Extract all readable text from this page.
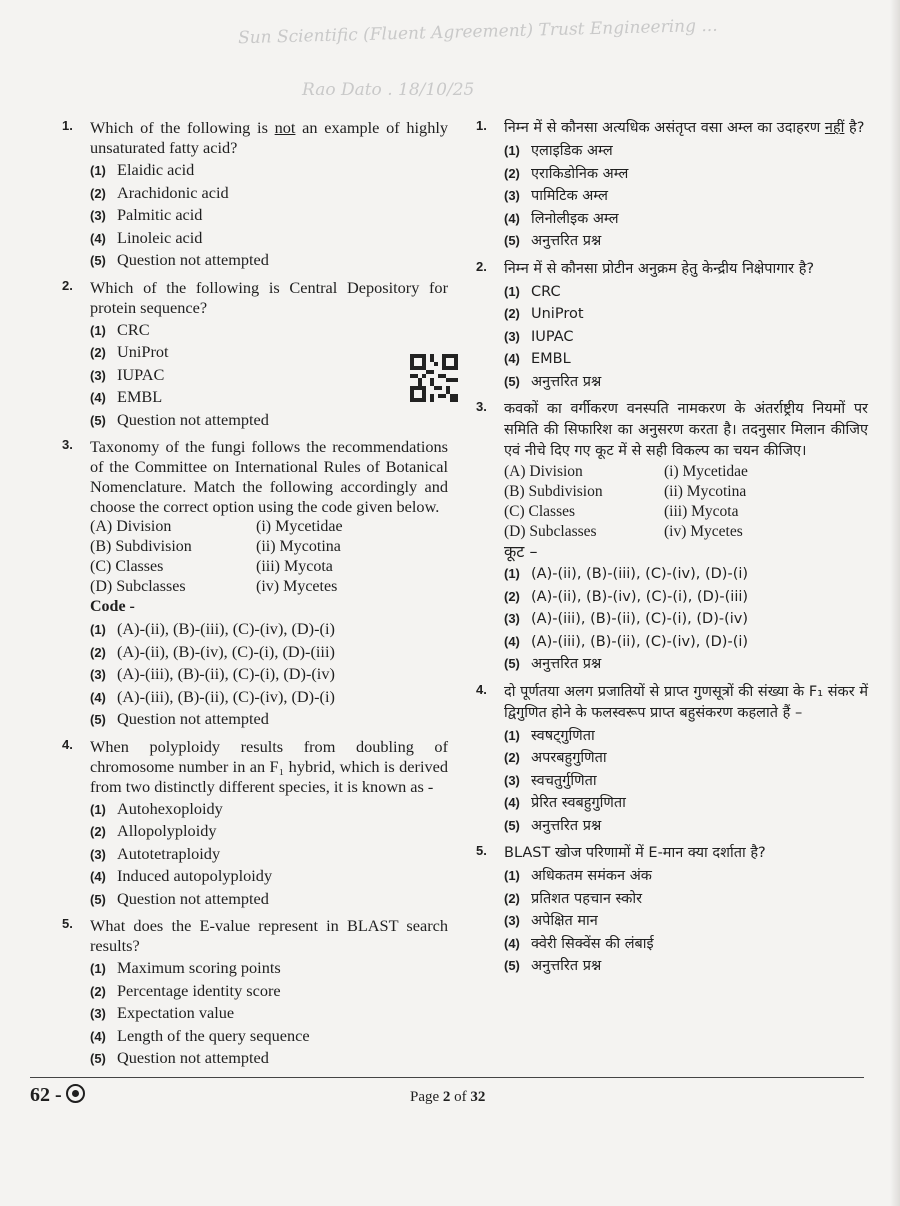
Sun Scientific (Fluent Agreement) Trust Engineering ...
Rao Dato . 18/10/25
1. Which of the following is not an example of highly unsaturated fatty acid?
(1) Elaidic acid
(2) Arachidonic acid
(3) Palmitic acid
(4) Linoleic acid
(5) Question not attempted
2. Which of the following is Central Depository for protein sequence?
(1) CRC
(2) UniProt
(3) IUPAC
(4) EMBL
(5) Question not attempted
3. Taxonomy of the fungi follows the recommendations of the Committee on International Rules of Botanical Nomenclature. Match the following accordingly and choose the correct option using the code given below.
(A) Division	(i) Mycetidae
(B) Subdivision	(ii) Mycotina
(C) Classes	(iii) Mycota
(D) Subclasses	(iv) Mycetes
Code -
(1) (A)-(ii), (B)-(iii), (C)-(iv), (D)-(i)
(2) (A)-(ii), (B)-(iv), (C)-(i), (D)-(iii)
(3) (A)-(iii), (B)-(ii), (C)-(i), (D)-(iv)
(4) (A)-(iii), (B)-(ii), (C)-(iv), (D)-(i)
(5) Question not attempted
4. When polyploidy results from doubling of chromosome number in an F₁ hybrid, which is derived from two distinctly different species, it is known as -
(1) Autohexoploidy
(2) Allopolyploidy
(3) Autotetraploidy
(4) Induced autopolyploidy
(5) Question not attempted
5. What does the E-value represent in BLAST search results?
(1) Maximum scoring points
(2) Percentage identity score
(3) Expectation value
(4) Length of the query sequence
(5) Question not attempted
1. निम्न में से कौनसा अत्यधिक असंतृप्त वसा अम्ल का उदाहरण नहीं है?
(1) एलाइडिक अम्ल
(2) एराकिडोनिक अम्ल
(3) पामिटिक अम्ल
(4) लिनोलीइक अम्ल
(5) अनुत्तरित प्रश्न
2. निम्न में से कौनसा प्रोटीन अनुक्रम हेतु केन्द्रीय निक्षेपागार है?
(1) CRC
(2) UniProt
(3) IUPAC
(4) EMBL
(5) अनुत्तरित प्रश्न
3. कवकों का वर्गीकरण वनस्पति नामकरण के अंतर्राष्ट्रीय नियमों पर समिति की सिफारिश का अनुसरण करता है। तदनुसार मिलान कीजिए एवं नीचे दिए गए कूट में से सही विकल्प का चयन कीजिए।
(A) Division	(i) Mycetidae
(B) Subdivision	(ii) Mycotina
(C) Classes	(iii) Mycota
(D) Subclasses	(iv) Mycetes
कूट –
(1) (A)-(ii), (B)-(iii), (C)-(iv), (D)-(i)
(2) (A)-(ii), (B)-(iv), (C)-(i), (D)-(iii)
(3) (A)-(iii), (B)-(ii), (C)-(i), (D)-(iv)
(4) (A)-(iii), (B)-(ii), (C)-(iv), (D)-(i)
(5) अनुत्तरित प्रश्न
4. दो पूर्णतया अलग प्रजातियों से प्राप्त गुणसूत्रों की संख्या के F₁ संकर में द्विगुणित होने के फलस्वरूप प्राप्त बहुसंकरण कहलाते हैं –
(1) स्वषट्गुणिता
(2) अपरबहुगुणिता
(3) स्वचतुर्गुणिता
(4) प्रेरित स्वबहुगुणिता
(5) अनुत्तरित प्रश्न
5. BLAST खोज परिणामों में E-मान क्या दर्शाता है?
(1) अधिकतम समंकन अंक
(2) प्रतिशत पहचान स्कोर
(3) अपेक्षित मान
(4) क्वेरी सिक्वेंस की लंबाई
(5) अनुत्तरित प्रश्न
62 -	Page 2 of 32
